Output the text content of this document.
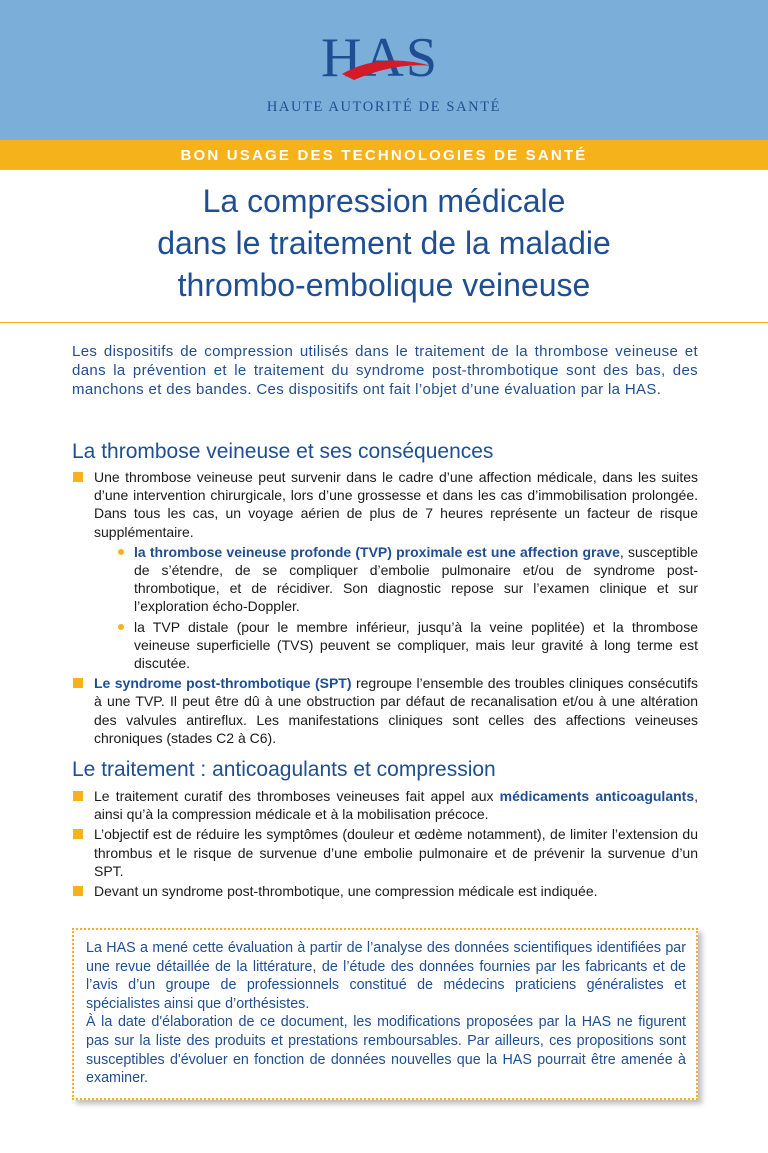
HAS
HAUTE AUTORITÉ DE SANTÉ
BON USAGE DES TECHNOLOGIES DE SANTÉ
La compression médicale
dans le traitement de la maladie
thrombo-embolique veineuse
Les dispositifs de compression utilisés dans le traitement de la thrombose veineuse et dans la prévention et le traitement du syndrome post-thrombotique sont des bas, des manchons et des bandes. Ces dispositifs ont fait l’objet d’une évaluation par la HAS.
La thrombose veineuse et ses conséquences
Une thrombose veineuse peut survenir dans le cadre d’une affection médicale, dans les suites d’une intervention chirurgicale, lors d’une grossesse et dans les cas d’immobilisation prolongée. Dans tous les cas, un voyage aérien de plus de 7 heures représente un facteur de risque supplémentaire.
la thrombose veineuse profonde (TVP) proximale est une affection grave, susceptible de s’étendre, de se compliquer d’embolie pulmonaire et/ou de syndrome post-thrombotique, et de récidiver. Son diagnostic repose sur l’examen clinique et sur l’exploration écho-Doppler.
la TVP distale (pour le membre inférieur, jusqu’à la veine poplitée) et la thrombose veineuse superficielle (TVS) peuvent se compliquer, mais leur gravité à long terme est discutée.
Le syndrome post-thrombotique (SPT) regroupe l’ensemble des troubles cliniques consécutifs à une TVP. Il peut être dû à une obstruction par défaut de recanalisation et/ou à une altération des valvules antireflux. Les manifestations cliniques sont celles des affections veineuses chroniques (stades C2 à C6).
Le traitement : anticoagulants et compression
Le traitement curatif des thromboses veineuses fait appel aux médicaments anticoagulants, ainsi qu’à la compression médicale et à la mobilisation précoce.
L’objectif est de réduire les symptômes (douleur et œdème notamment), de limiter l’extension du thrombus et le risque de survenue d’une embolie pulmonaire et de prévenir la survenue d’un SPT.
Devant un syndrome post-thrombotique, une compression médicale est indiquée.

La HAS a mené cette évaluation à partir de l’analyse des données scientifiques identifiées par une revue détaillée de la littérature, de l’étude des données fournies par les fabricants et de l’avis d’un groupe de professionnels constitué de médecins praticiens généralistes et spécialistes ainsi que d’orthésistes.

À la date d'élaboration de ce document, les modifications proposées par la HAS ne figurent pas sur la liste des produits et prestations remboursables. Par ailleurs, ces propositions sont susceptibles d'évoluer en fonction de données nouvelles que la HAS pourrait être amenée à examiner.
